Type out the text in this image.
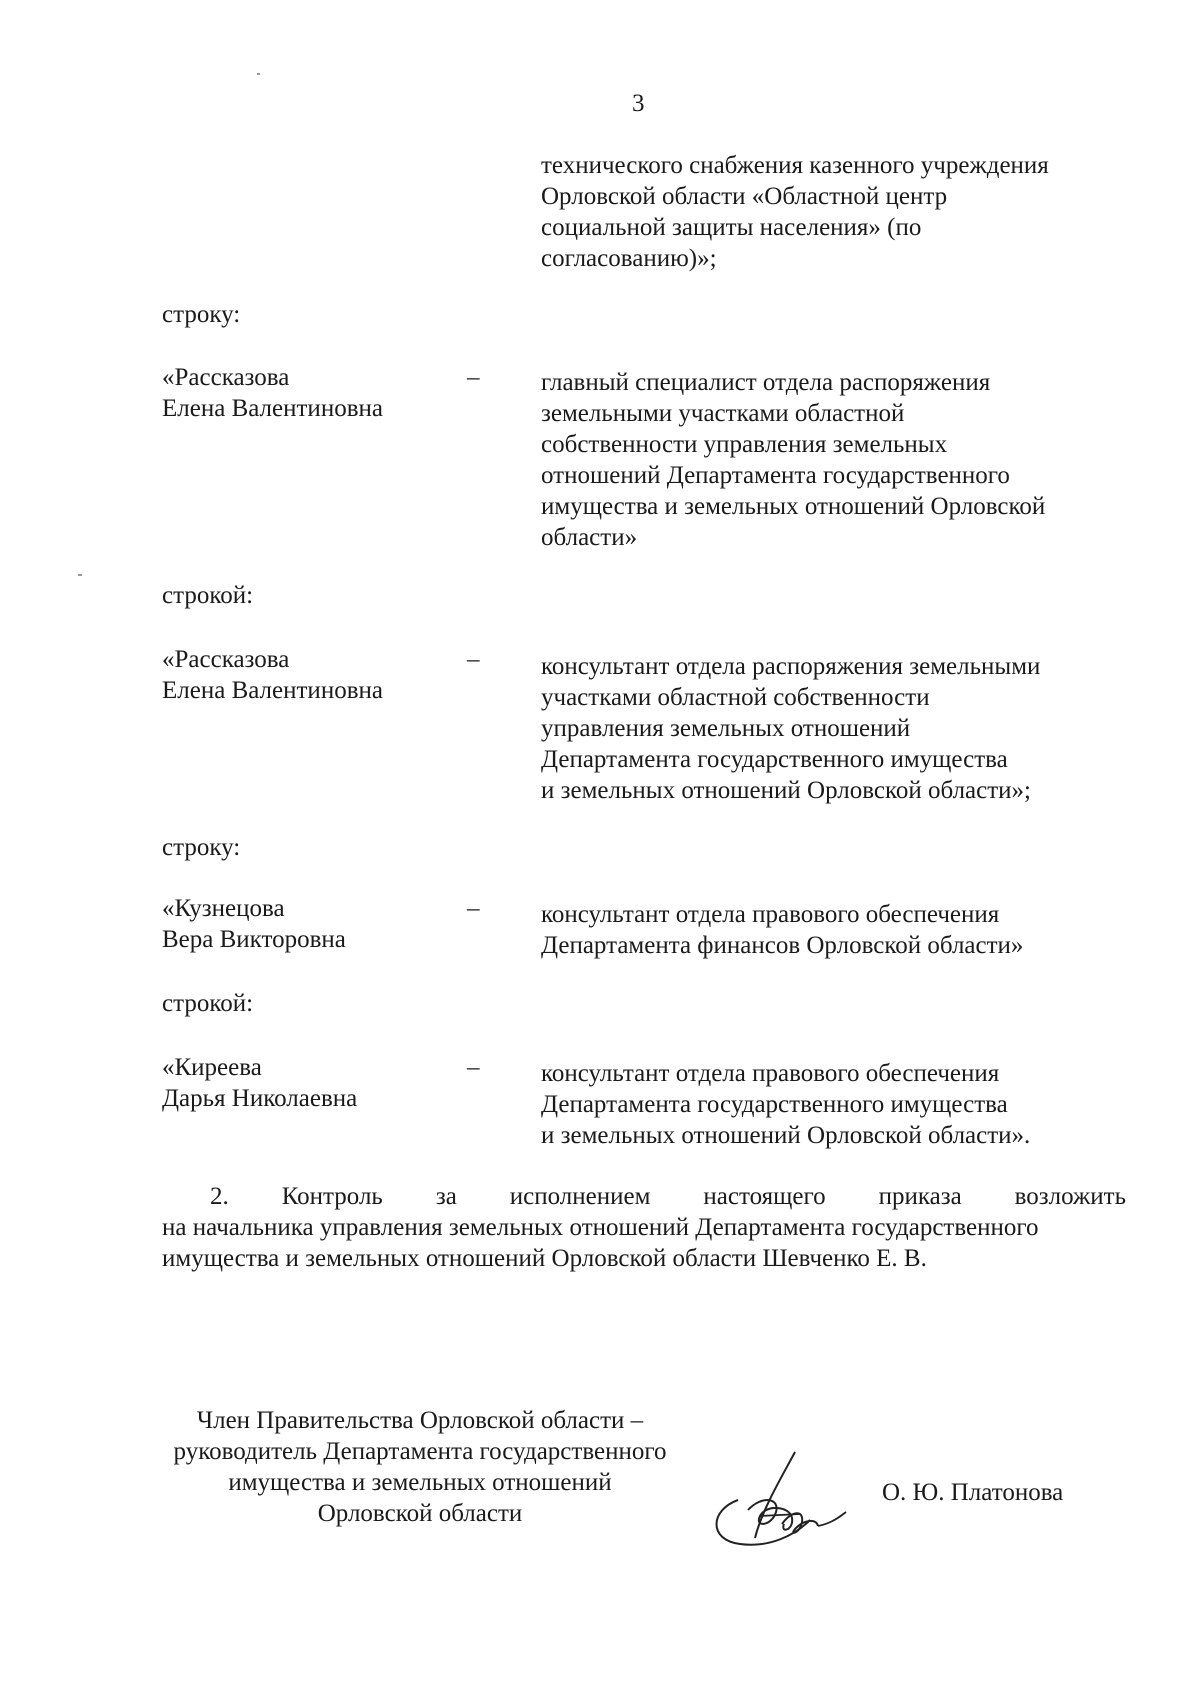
3
технического снабжения казенного учреждения
Орловской области «Областной центр
социальной защиты населения» (по
согласованию)»;
строку:
«Рассказова
Елена Валентиновна
– главный специалист отдела распоряжения
земельными участками областной
собственности управления земельных
отношений Департамента государственного
имущества и земельных отношений Орловской
области»
строкой:
«Рассказова
Елена Валентиновна
– консультант отдела распоряжения земельными
участками областной собственности
управления земельных отношений
Департамента государственного имущества
и земельных отношений Орловской области»;
строку:
«Кузнецова
Вера Викторовна
– консультант отдела правового обеспечения
Департамента финансов Орловской области»
строкой:
«Киреева
Дарья Николаевна
– консультант отдела правового обеспечения
Департамента государственного имущества
и земельных отношений Орловской области».
2. Контроль за исполнением настоящего приказа возложить
на начальника управления земельных отношений Департамента государственного
имущества и земельных отношений Орловской области Шевченко Е. В.
Член Правительства Орловской области –
руководитель Департамента государственного
имущества и земельных отношений
Орловской области
О. Ю. Платонова
